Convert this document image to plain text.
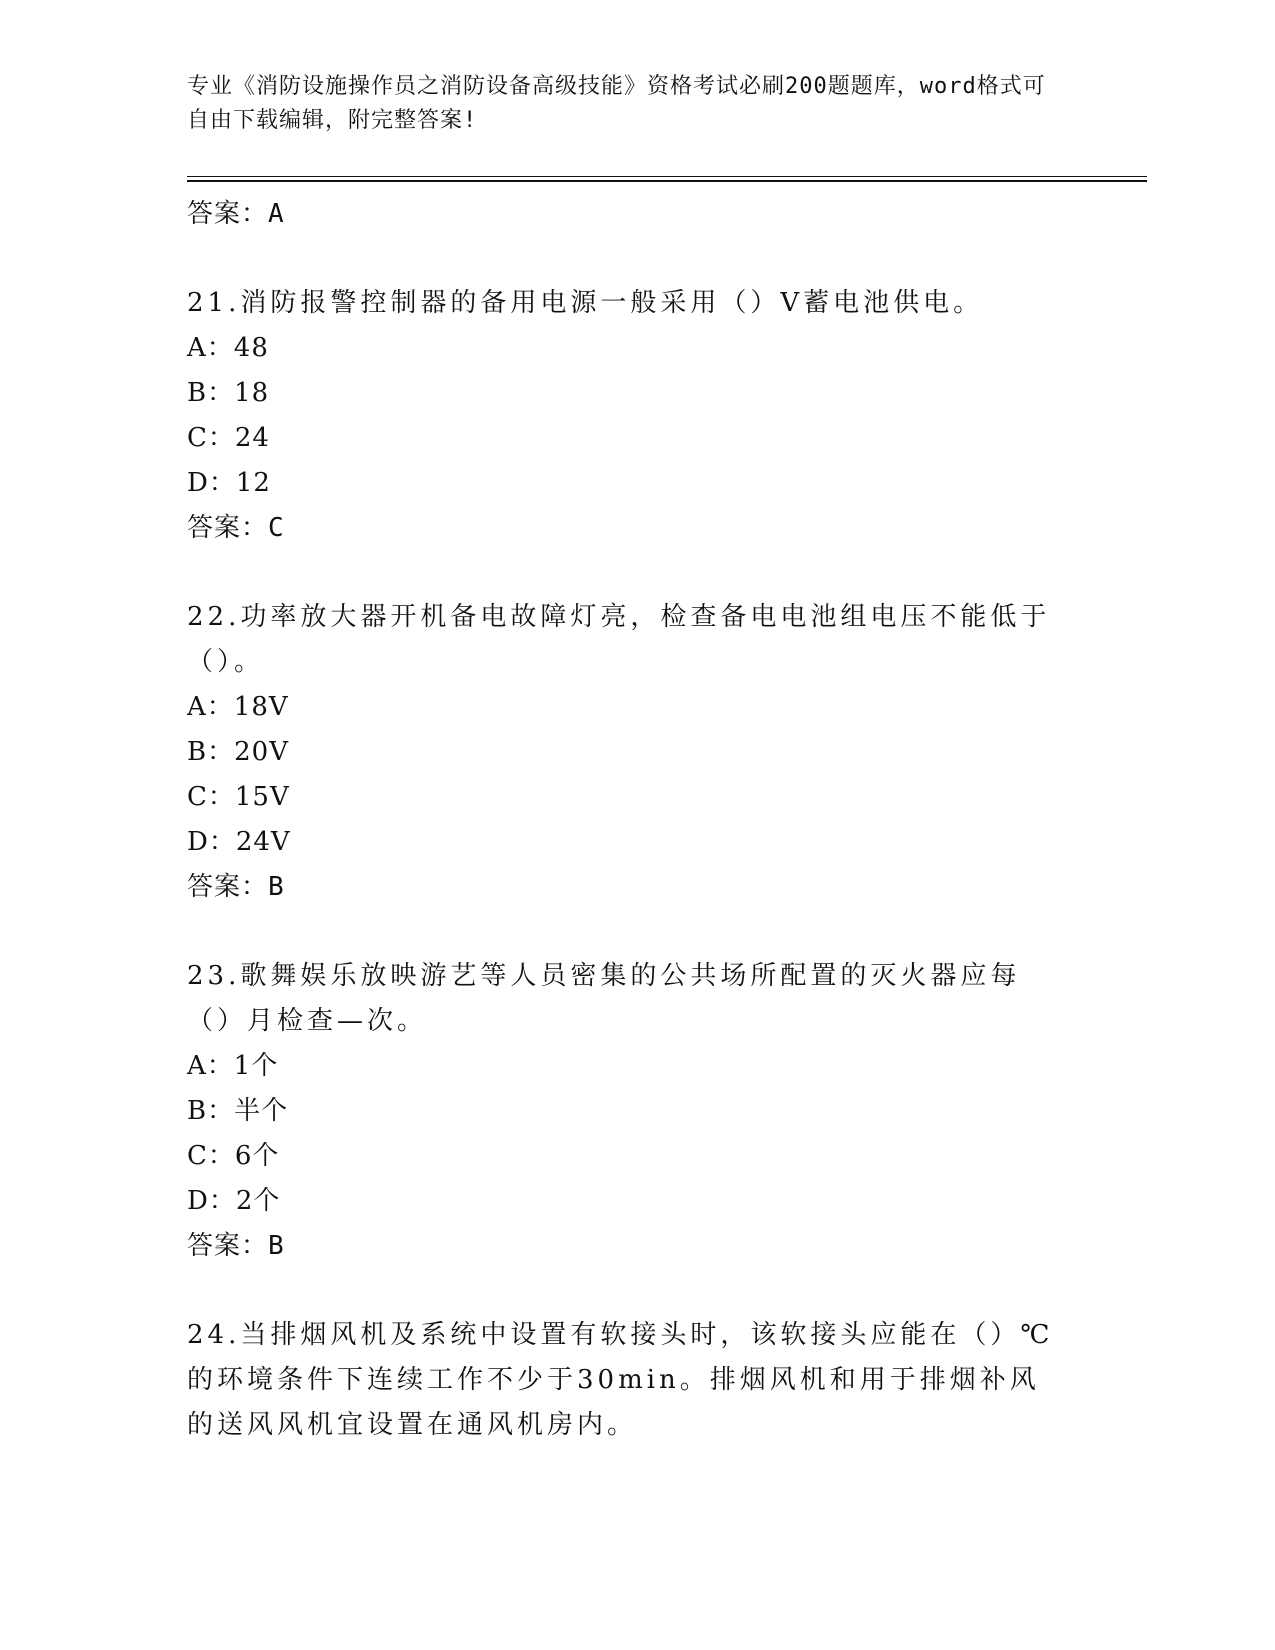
专业《消防设施操作员之消防设备高级技能》资格考试必刷200题题库，word格式可自由下载编辑，附完整答案!

答案：A

21.消防报警控制器的备用电源一般采用（）V蓄电池供电。

A：48

B：18

C：24

D：12

答案：C

22.功率放大器开机备电故障灯亮，检查备电电池组电压不能低于（）。

A：18V

B：20V

C：15V

D：24V

答案：B

23.歌舞娱乐放映游艺等人员密集的公共场所配置的灭火器应每（）月检查—次。

A：1个

B：半个

C：6个

D：2个

答案：B

24.当排烟风机及系统中设置有软接头时，该软接头应能在（）℃的环境条件下连续工作不少于30min。排烟风机和用于排烟补风的送风风机宜设置在通风机房内。
